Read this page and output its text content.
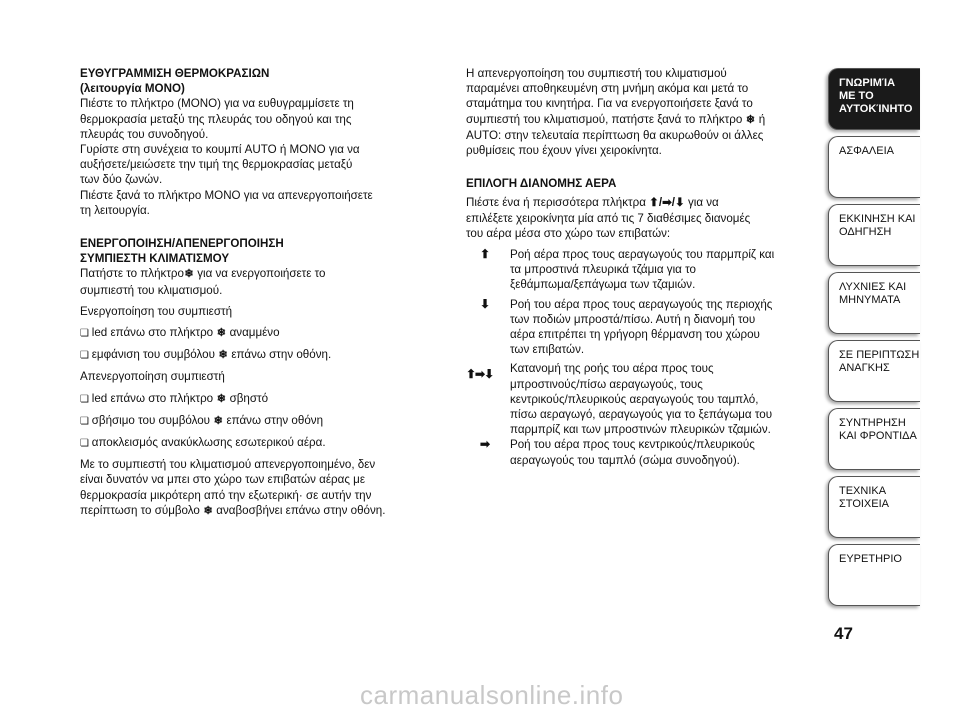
ΕΥΘΥΓΡΑΜΜΙΣΗ ΘΕΡΜΟΚΡΑΣΙΩΝ
(λειτουργία MONO)

Πιέστε το πλήκτρο (MONO) για να ευθυγραμμίσετε τη
θερμοκρασία μεταξύ της πλευράς του οδηγού και της
πλευράς του συνοδηγού.
Γυρίστε στη συνέχεια το κουμπί AUTO ή MONO για να
αυξήσετε/μειώσετε την τιμή της θερμοκρασίας μεταξύ
των δύο ζωνών.
Πιέστε ξανά το πλήκτρο MONO για να απενεργοποιήσετε
τη λειτουργία.

ΕΝΕΡΓΟΠΟΙΗΣΗ/ΑΠΕΝΕΡΓΟΠΟΙΗΣΗ
ΣΥΜΠΙΕΣΤΗ ΚΛΙΜΑΤΙΣΜΟΥ

Πατήστε το πλήκτρο❄ για να ενεργοποιήσετε το
συμπιεστή του κλιματισμού.

Ενεργοποίηση του συμπιεστή

❏ led επάνω στο πλήκτρο ❄ αναμμένο

❏ εμφάνιση του συμβόλου ❄ επάνω στην οθόνη.

Απενεργοποίηση συμπιεστή

❏ led επάνω στο πλήκτρο ❄ σβηστό

❏ σβήσιμο του συμβόλου ❄ επάνω στην οθόνη

❏ αποκλεισμός ανακύκλωσης εσωτερικού αέρα.

Με το συμπιεστή του κλιματισμού απενεργοποιημένο, δεν
είναι δυνατόν να μπει στο χώρο των επιβατών αέρας με
θερμοκρασία μικρότερη από την εξωτερική· σε αυτήν την
περίπτωση το σύμβολο ❄ αναβοσβήνει επάνω στην οθόνη.

Η απενεργοποίηση του συμπιεστή του κλιματισμού
παραμένει αποθηκευμένη στη μνήμη ακόμα και μετά το
σταμάτημα του κινητήρα. Για να ενεργοποιήσετε ξανά το
συμπιεστή του κλιματισμού, πατήστε ξανά το πλήκτρο ❄ ή
AUTO: στην τελευταία περίπτωση θα ακυρωθούν οι άλλες
ρυθμίσεις που έχουν γίνει χειροκίνητα.

ΕΠΙΛΟΓΗ ΔΙΑΝΟΜΗΣ ΑΕΡΑ

Πιέστε ένα ή περισσότερα πλήκτρα ⬆/➡/⬇ για να
επιλέξετε χειροκίνητα μία από τις 7 διαθέσιμες διανομές
του αέρα μέσα στο χώρο των επιβατών:

⬆ Ροή αέρα προς τους αεραγωγούς του παρμπρίζ και
τα μπροστινά πλευρικά τζάμια για το
ξεθάμπωμα/ξεπάγωμα των τζαμιών.
⬇ Ροή του αέρα προς τους αεραγωγούς της περιοχής
των ποδιών μπροστά/πίσω. Αυτή η διανομή του
αέρα επιτρέπει τη γρήγορη θέρμανση του χώρου
των επιβατών.
⬆➡⬇ Κατανομή της ροής του αέρα προς τους
μπροστινούς/πίσω αεραγωγούς, τους
κεντρικούς/πλευρικούς αεραγωγούς του ταμπλό,
πίσω αεραγωγό, αεραγωγούς για το ξεπάγωμα του
παρμπρίζ και των μπροστινών πλευρικών τζαμιών.
➡ Ροή του αέρα προς τους κεντρικούς/πλευρικούς
αεραγωγούς του ταμπλό (σώμα συνοδηγού).
ΓΝΩΡΙΜΊΑ
ΜΕ ΤΟ
ΑΥΤΟΚΊΝΗΤΟ
ΑΣΦΑΛΕΙΑ
ΕΚΚΙΝΗΣΗ ΚΑΙ
ΟΔΗΓΗΣΗ
ΛΥΧΝΙΕΣ ΚΑΙ
ΜΗΝΥΜΑΤΑ
ΣΕ ΠΕΡΙΠΤΩΣΗ
ΑΝΑΓΚΗΣ
ΣΥΝΤΗΡΗΣΗ
ΚΑΙ ΦΡΟΝΤΙΔΑ
ΤΕΧΝΙΚΑ
ΣΤΟΙΧΕΙΑ
ΕΥΡΕΤΗΡΙΟ
47
carmanualsonline.info
